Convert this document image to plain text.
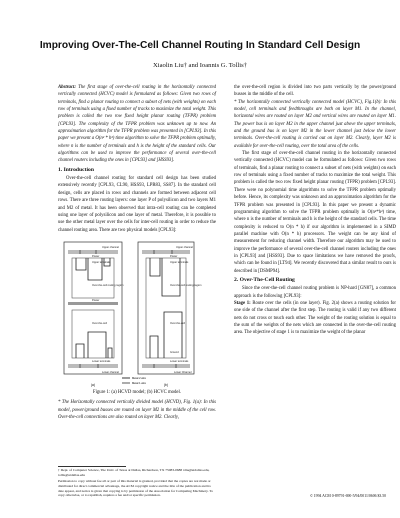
Improving Over-The-Cell Channel Routing In Standard Cell Design
Xiaolin Liu† and Ioannis G. Tollis†

Abstract: The first stage of over-the-cell routing in the horizontally connected vertically connected (HCVC) model is formulated as follows: Given two rows of terminals, find a planar routing to connect a subset of nets (with weights) on each row of terminals using a fixed number of tracks to maximize the total weight. This problem is called the two row fixed height planar routing (TFPR) problem [CPL93]. The complexity of the TFPR problem was unknown up to now. An approximation algorithm for the TFPR problem was presented in [CPL93]. In this paper we present a O(n² * h²) time algorithm to solve the TFPR problem optimally, where n is the number of terminals and h is the height of the standard cells. Our algorithms can be used to improve the performance of several over-the-cell channel routers including the ones in [CPL93] and [HSS93].

1. Introduction

Over-the-cell channel routing for standard cell design has been studied extensively recently [CPL93, CL90, HSS93, LPR83, SS87]. In the standard cell design, cells are placed in rows and channels are formed between adjacent cell rows. There are three routing layers: one layer P of polysilicon and two layers M1 and M2 of metal. It has been observed that intra-cell routing can be completed using one layer of polysilicon and one layer of metal. Therefore, it is possible to use the other metal layer over the cells for inter-cell routing in order to reduce the channel routing area. There are two physical models [CPL93]:

Upper channel
Power
Upper terminals
Over-the-cell routing region
Power
Over-the-cell
Lower terminals
Lower channel
Upper channel
Power
Upper terminals
Over-the-cell routing region
Over-the-cell
Ground
Lower terminals
Lower Channel
Metal 2 wire
Metal 1 wire
(a)	(b)

Figure 1: (a) HCVD model; (b) HCVC model.

* The Horizontally connected vertically divided model (HCVD), Fig. 1(a): In this model, power/ground busses are routed on layer M2 in the middle of the cell row. Over-the-cell connections are also routed on layer M2. Clearly,

† Dept. of Computer Science, The Univ. of Texas at Dallas, Richardson, TX 75083-0688 xliu@utdallas.edu, tollis@utdallas.edu
Permission to copy without fee all or part of this material is granted, provided that the copies are not made or distributed for direct commercial advantage, the ACM copyright notice and the title of the publication and its date appear, and notice is given that copying is by permission of the Association for Computing Machinery. To copy otherwise, or to republish, requires a fee and/or specific permission.

the over-the-cell region is divided into two parts vertically by the power/ground busses in the middle of the cell.

* The horizontally connected vertically connected model (HCVC), Fig.1(b): In this model, cell terminals and feedthroughs are both on layer M1. In the channel, horizontal wires are routed on layer M2 and vertical wires are routed on layer M1. The power bus is on layer M2 in the upper channel just above the upper terminals, and the ground bus is on layer M2 in the lower channel just below the lower terminals. Over-the-cell routing is carried out on layer M2. Clearly, layer M2 is available for over-the-cell routing, over the total area of the cells.

The first stage of over-the-cell channel routing in the horizontally connected vertically connected (HCVC) model can be formulated as follows: Given two rows of terminals, find a planar routing to connect a subset of nets (with weights) on each row of terminals using a fixed number of tracks to maximize the total weight. This problem is called the two row fixed height planar routing (TFPR) problem [CPL93]. There were no polynomial time algorithms to solve the TFPR problem optimally before. Hence, its complexity was unknown and an approximation algorithm for the TFPR problem was presented in [CPL93]. In this paper we present a dynamic programming algorithm to solve the TFPR problem optimally in O(n²*h²) time, where n is the number of terminals and h is the height of the standard cells. The time complexity is reduced to O(n * h) if our algorithm is implemented in a SIMD parallel machine with O(n * h) processors. The weight can be any kind of measurement for reducing channel width. Therefore our algorithm may be used to improve the performance of several over-the-cell channel routers including the ones in [CPL93] and [HSS93]. Due to space limitations we have removed the proofs, which can be found in [LT94]. We recently discovered that a similar result to ours is described in [DSMP94].

2. Over-The-Cell Routing

Since the over-the-cell channel routing problem is NP-hard [GN87], a common approach is the following [CPL93]:

Stage 1: Route over the cells (in one layer). Fig. 2(a) shows a routing solution for one side of the channel after the first step. The routing is valid if any two different nets do not cross or touch each other. The weight of the routing solution is equal to the sum of the weights of the nets which are connected in the over-the-cell routing area. The objective of stage 1 is to maximize the weight of the planar

© 1994 ACM 0-89791-690-5/94/0011/0606 $3.50
